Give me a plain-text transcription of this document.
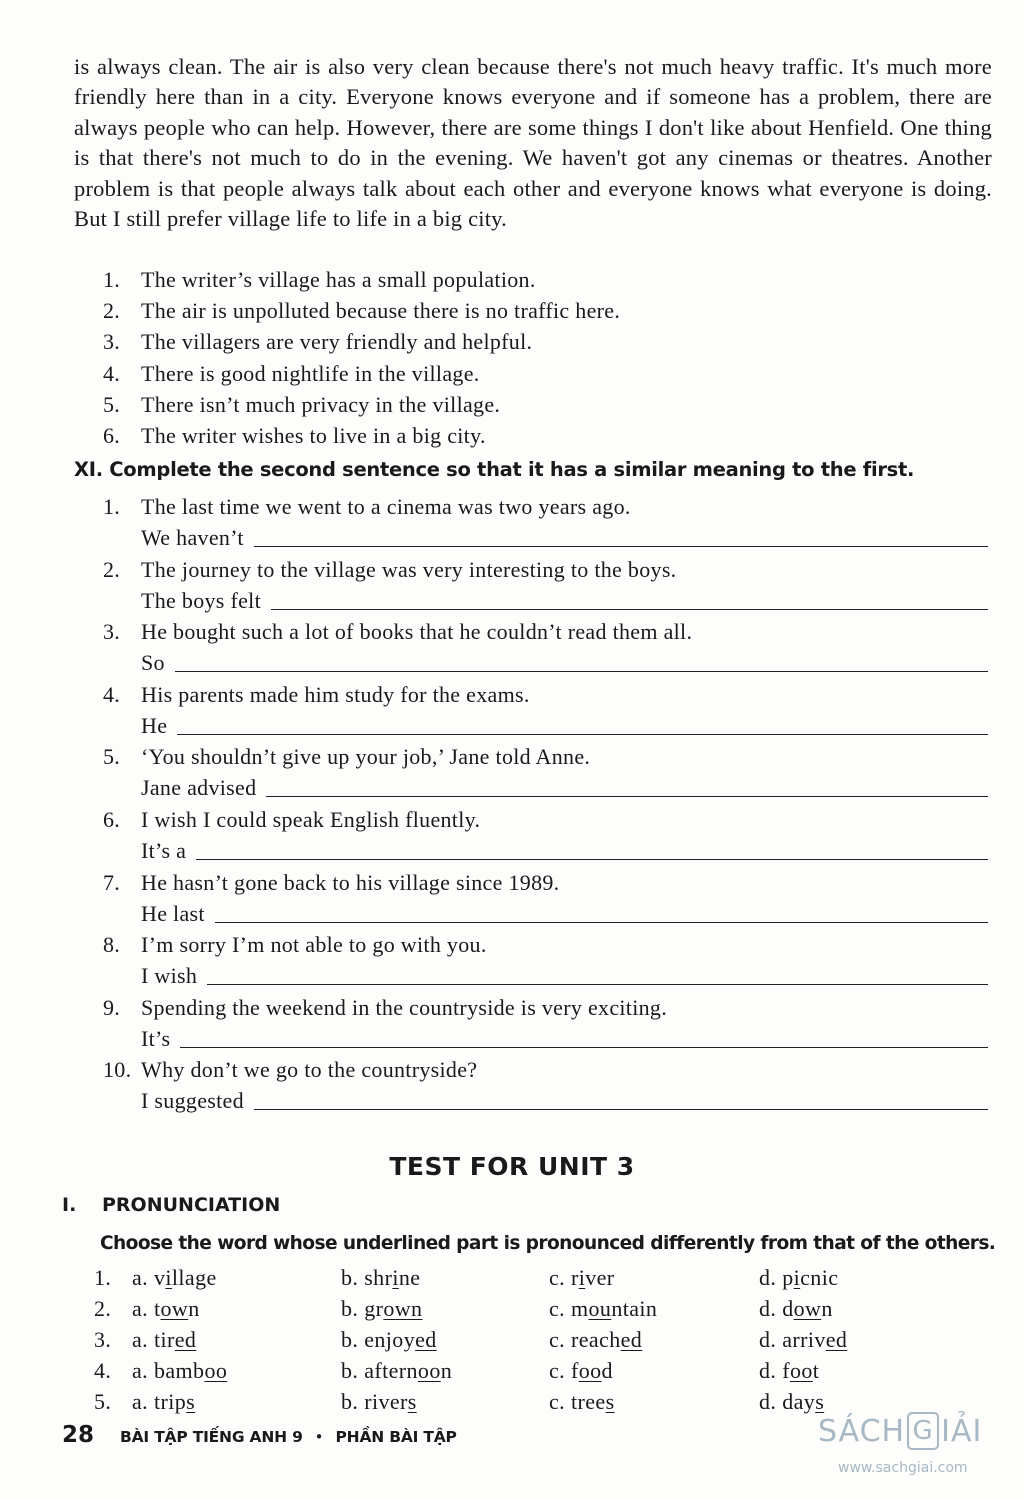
is always clean. The air is also very clean because there's not much heavy traffic. It's much more friendly here than in a city. Everyone knows everyone and if someone has a problem, there are always people who can help. However, there are some things I don't like about Henfield. One thing is that there's not much to do in the evening. We haven't got any cinemas or theatres. Another problem is that people always talk about each other and everyone knows what everyone is doing. But I still prefer village life to life in a big city.
1. The writer’s village has a small population.
2. The air is unpolluted because there is no traffic here.
3. The villagers are very friendly and helpful.
4. There is good nightlife in the village.
5. There isn’t much privacy in the village.
6. The writer wishes to live in a big city.
XI. Complete the second sentence so that it has a similar meaning to the first.
1. The last time we went to a cinema was two years ago.
We haven’t
2. The journey to the village was very interesting to the boys.
The boys felt
3. He bought such a lot of books that he couldn’t read them all.
So
4. His parents made him study for the exams.
He
5. ‘You shouldn’t give up your job,’ Jane told Anne.
Jane advised
6. I wish I could speak English fluently.
It’s a
7. He hasn’t gone back to his village since 1989.
He last
8. I’m sorry I’m not able to go with you.
I wish
9. Spending the weekend in the countryside is very exciting.
It’s
10. Why don’t we go to the countryside?
I suggested
TEST FOR UNIT 3
I.	PRONUNCIATION
Choose the word whose underlined part is pronounced differently from that of the others.
1. a. village	b. shrine	c. river	d. picnic
2. a. town	b. grown	c. mountain	d. down
3. a. tired	b. enjoyed	c. reached	d. arrived
4. a. bamboo	b. afternoon	c. food	d. foot
5. a. trips	b. rivers	c. trees	d. days
28 BÀI TẬP TIẾNG ANH 9 • PHẦN BÀI TẬP	SÁCH G IẢI
www.sachgiai.com
